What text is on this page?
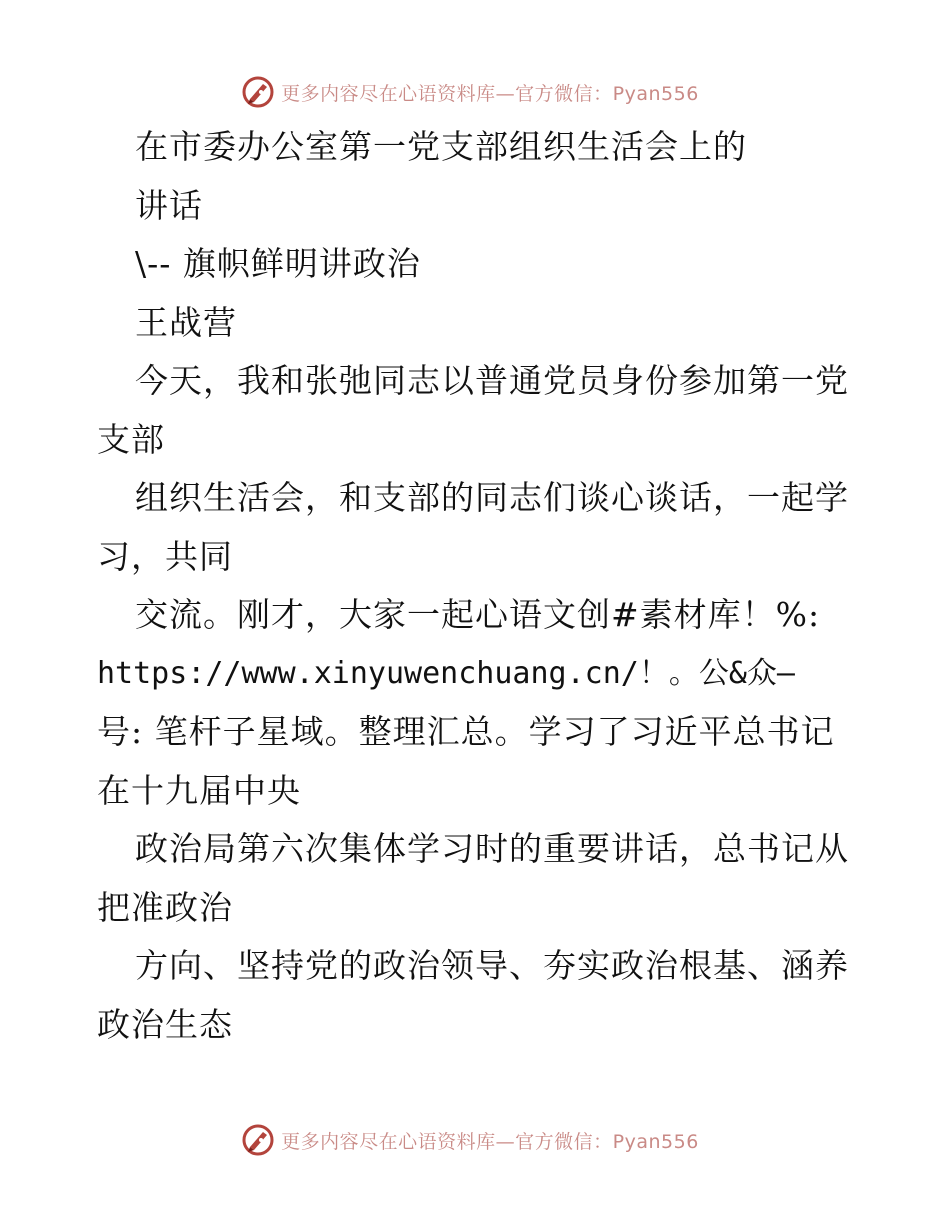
更多内容尽在心语资料库—官方微信：Pyan556
在市委办公室第一党支部组织生活会上的
讲话
\-- 旗帜鲜明讲政治
王战营
今天，我和张弛同志以普通党员身份参加第一党
支部
组织生活会，和支部的同志们谈心谈话，一起学
习，共同
交流。刚才，大家一起心语文创#素材库！%:
https://www.xinyuwenchuang.cn/！。公&众—
号: 笔杆子星域。整理汇总。学习了习近平总书记
在十九届中央
政治局第六次集体学习时的重要讲话，总书记从
把准政治
方向、坚持党的政治领导、夯实政治根基、涵养
政治生态
更多内容尽在心语资料库—官方微信：Pyan556
